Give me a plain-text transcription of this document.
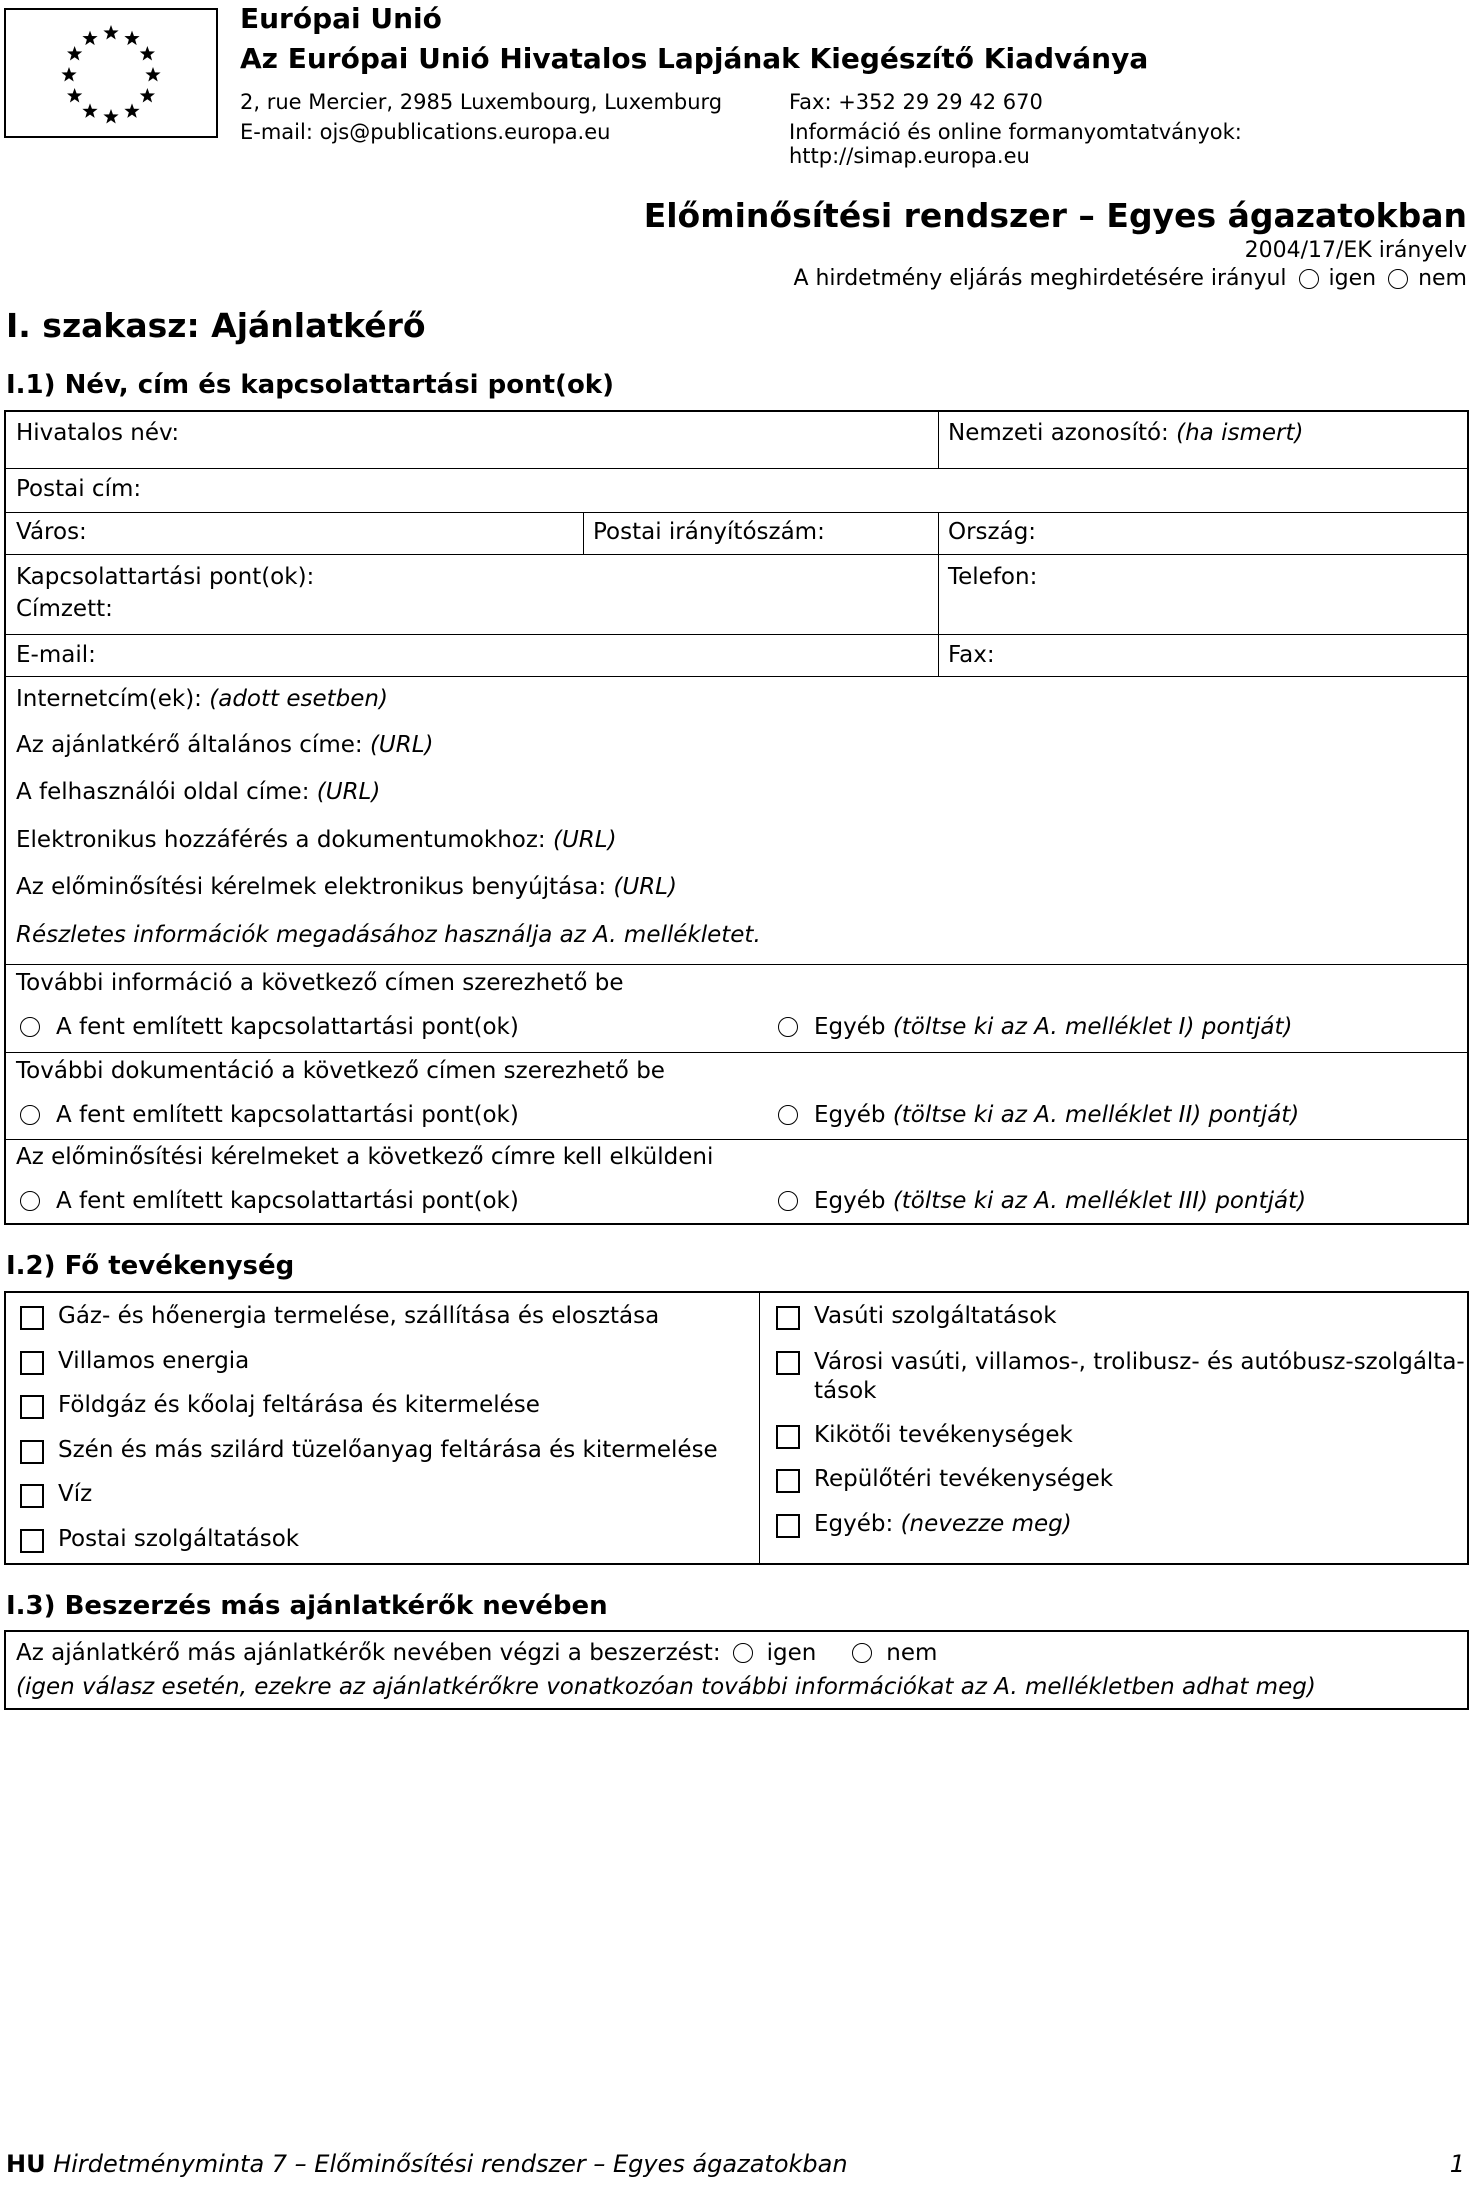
Európai Unió
Az Európai Unió Hivatalos Lapjának Kiegészítő Kiadványa
2, rue Mercier, 2985 Luxembourg, Luxemburg	Fax: +352 29 29 42 670
E-mail: ojs@publications.europa.eu	Információ és online formanyomtatványok: http://simap.europa.eu
Előminősítési rendszer – Egyes ágazatokban
2004/17/EK irányelv
A hirdetmény eljárás meghirdetésére irányul igen nem
I. szakasz: Ajánlatkérő
I.1) Név, cím és kapcsolattartási pont(ok)
Hivatalos név:	Nemzeti azonosító: (ha ismert)
Postai cím:
Város:	Postai irányítószám:	Ország:
Kapcsolattartási pont(ok):
Címzett:
Telefon:
E-mail:	Fax:
Internetcím(ek): (adott esetben)
Az ajánlatkérő általános címe: (URL)
A felhasználói oldal címe: (URL)
Elektronikus hozzáférés a dokumentumokhoz: (URL)
Az előminősítési kérelmek elektronikus benyújtása: (URL)
Részletes információk megadásához használja az A. mellékletet.
További információ a következő címen szerezhető be
A fent említett kapcsolattartási pont(ok)	Egyéb
(töltse ki az A. melléklet I) pontját)
További dokumentáció a következő címen szerezhető be
A fent említett kapcsolattartási pont(ok)	Egyéb
(töltse ki az A. melléklet II) pontját)
Az előminősítési kérelmeket a következő címre kell elküldeni
A fent említett kapcsolattartási pont(ok)	Egyéb
(töltse ki az A. melléklet III) pontját)
I.2) Fő tevékenység
Gáz- és hőenergia termelése, szállítása és elosztása
Villamos energia
Földgáz és kőolaj feltárása és kitermelése
Szén és más szilárd tüzelőanyag feltárása és kitermelése
Víz
Postai szolgáltatások
Vasúti szolgáltatások
Városi vasúti, villamos-, trolibusz- és autóbusz-szolgálta-tások
Kikötői tevékenységek
Repülőtéri tevékenységek
Egyéb:
(nevezze meg)
I.3) Beszerzés más ajánlatkérők nevében
Az ajánlatkérő más ajánlatkérők nevében végzi a beszerzést: igen	nem
(igen válasz esetén, ezekre az ajánlatkérőkre vonatkozóan további információkat az A. mellékletben adhat meg)
HU Hirdetményminta 7 – Előminősítési rendszer – Egyes ágazatokban	1
